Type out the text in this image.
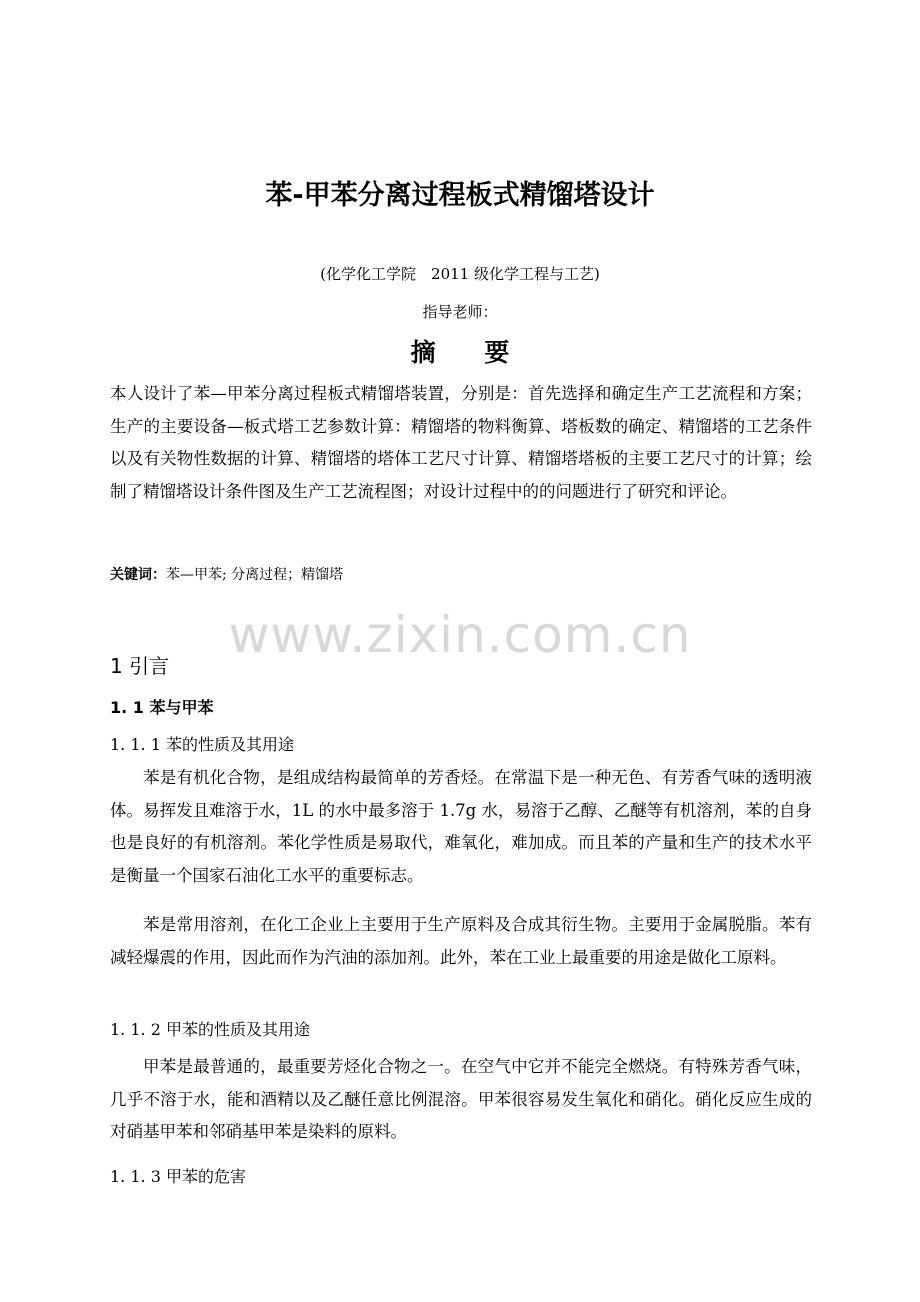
苯-甲苯分离过程板式精馏塔设计
(化学化工学院　2011 级化学工程与工艺)
指导老师：
摘 要
本人设计了苯—甲苯分离过程板式精馏塔装置，分别是：首先选择和确定生产工艺流程和方案；生产的主要设备—板式塔工艺参数计算：精馏塔的物料衡算、塔板数的确定、精馏塔的工艺条件以及有关物性数据的计算、精馏塔的塔体工艺尺寸计算、精馏塔塔板的主要工艺尺寸的计算；绘制了精馏塔设计条件图及生产工艺流程图；对设计过程中的的问题进行了研究和评论。
关键词：苯—甲苯; 分离过程；精馏塔
www.zixin.com.cn
1 引言
1. 1 苯与甲苯
1. 1. 1 苯的性质及其用途
苯是有机化合物，是组成结构最简单的芳香烃。在常温下是一种无色、有芳香气味的透明液体。易挥发且难溶于水，1L 的水中最多溶于 1.7g 水，易溶于乙醇、乙醚等有机溶剂，苯的自身也是良好的有机溶剂。苯化学性质是易取代，难氧化，难加成。而且苯的产量和生产的技术水平是衡量一个国家石油化工水平的重要标志。
苯是常用溶剂，在化工企业上主要用于生产原料及合成其衍生物。主要用于金属脱脂。苯有减轻爆震的作用，因此而作为汽油的添加剂。此外，苯在工业上最重要的用途是做化工原料。
1. 1. 2 甲苯的性质及其用途
甲苯是最普通的，最重要芳烃化合物之一。在空气中它并不能完全燃烧。有特殊芳香气味，几乎不溶于水，能和酒精以及乙醚任意比例混溶。甲苯很容易发生氧化和硝化。硝化反应生成的对硝基甲苯和邻硝基甲苯是染料的原料。
1. 1. 3 甲苯的危害
